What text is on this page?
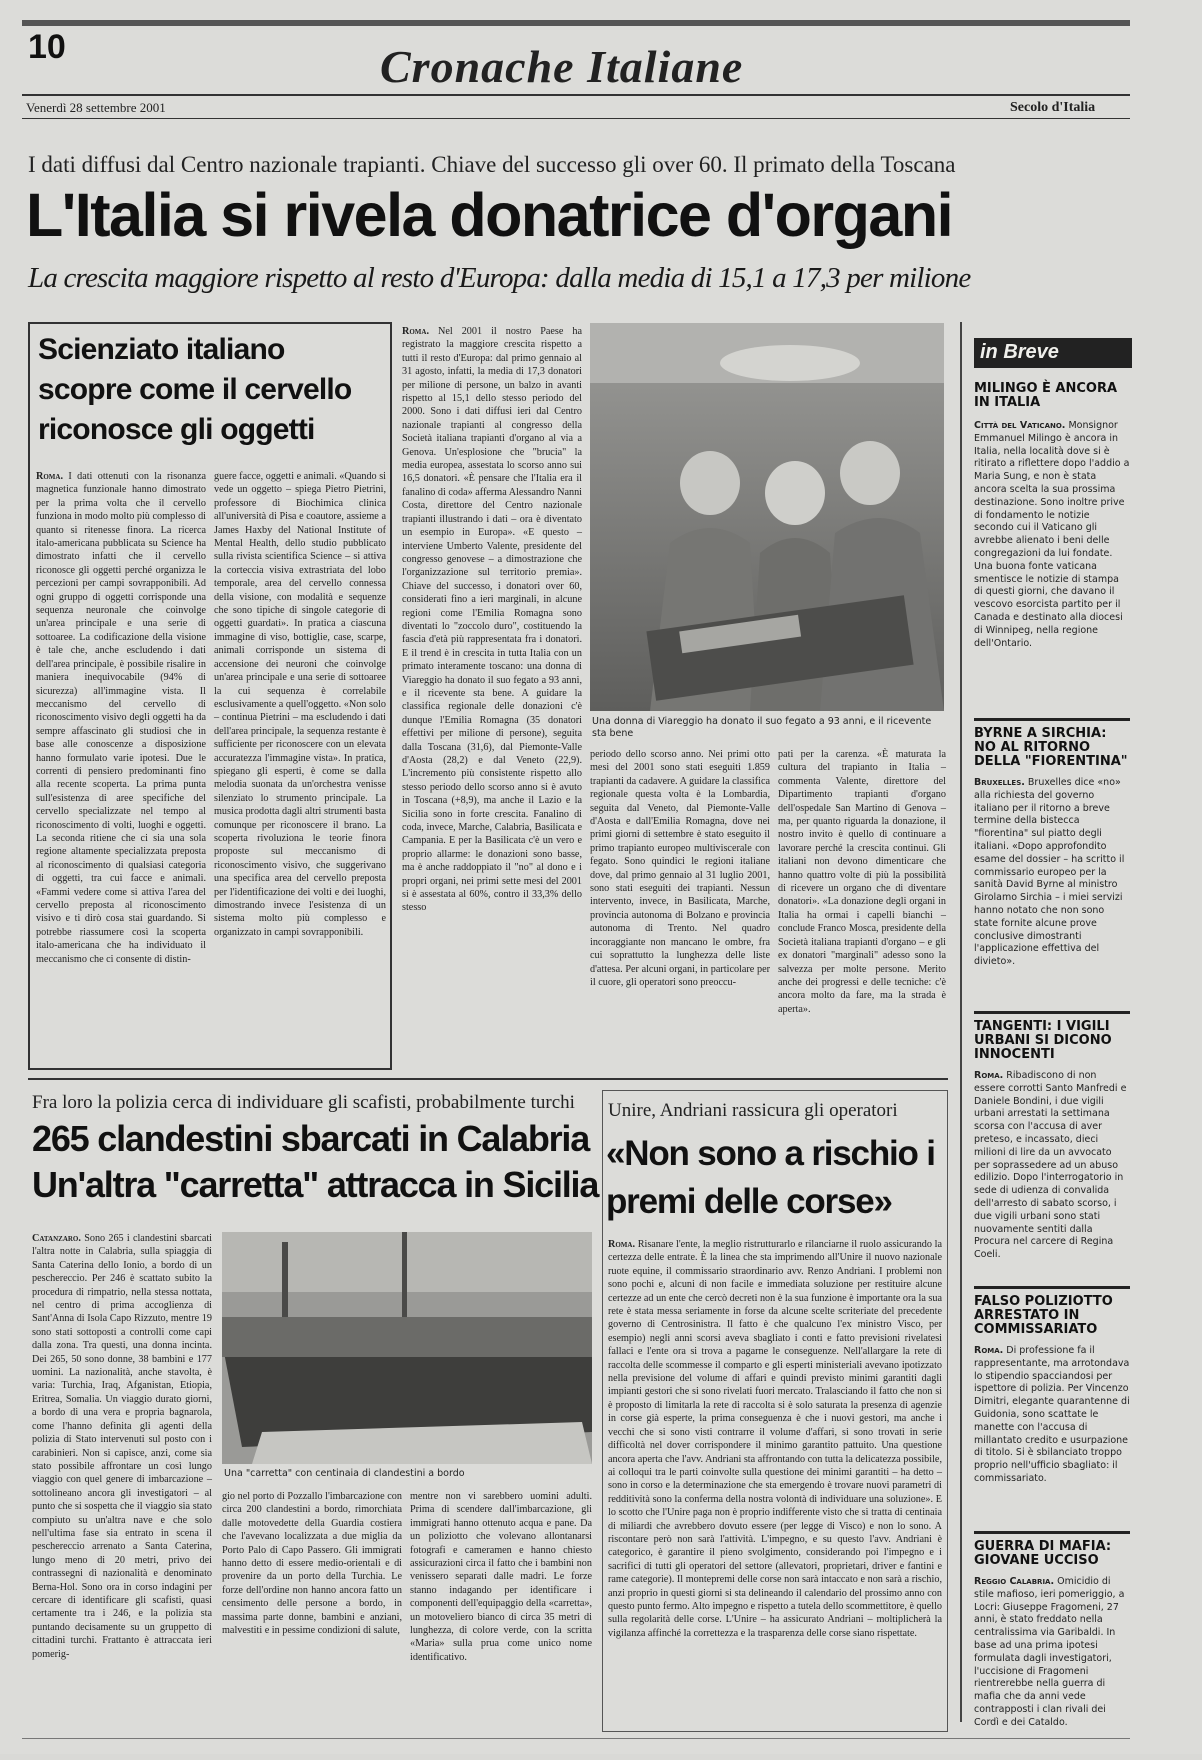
10	Cronache Italiane
Venerdì 28 settembre 2001	Secolo d'Italia
I dati diffusi dal Centro nazionale trapianti. Chiave del successo gli over 60. Il primato della Toscana
L'Italia si rivela donatrice d'organi
La crescita maggiore rispetto al resto d'Europa: dalla media di 15,1 a 17,3 per milione
Scienziato italiano scopre come il cervello riconosce gli oggetti
Roma. I dati ottenuti con la risonanza magnetica funzionale hanno dimostrato per la prima volta che il cervello funziona in modo molto più complesso di quanto si ritenesse finora. La ricerca italo-americana pubblicata su Science ha dimostrato infatti che il cervello riconosce gli oggetti perché organizza le percezioni per campi sovrapponibili. Ad ogni gruppo di oggetti corrisponde una sequenza neuronale che coinvolge un'area principale e una serie di sottoaree. La codificazione della visione è tale che, anche escludendo i dati dell'area principale, è possibile risalire in maniera inequivocabile (94% di sicurezza) all'immagine vista. Il meccanismo del cervello di riconoscimento visivo degli oggetti ha da sempre affascinato gli studiosi che in base alle conoscenze a disposizione hanno formulato varie ipotesi. Due le correnti di pensiero predominanti fino alla recente scoperta. La prima punta sull'esistenza di aree specifiche del cervello specializzate nel tempo al riconoscimento di volti, luoghi e oggetti. La seconda ritiene che ci sia una sola regione altamente specializzata preposta al riconoscimento di qualsiasi categoria di oggetti, tra cui facce e animali. «Fammi vedere come si attiva l'area del cervello preposta al riconoscimento visivo e ti dirò cosa stai guardando. Si potrebbe riassumere così la scoperta italo-americana che ha individuato il meccanismo che ci consente di distin-
guere facce, oggetti e animali. «Quando si vede un oggetto – spiega Pietro Pietrini, professore di Biochimica clinica all'università di Pisa e coautore, assieme a James Haxby del National Institute of Mental Health, dello studio pubblicato sulla rivista scientifica Science – si attiva la corteccia visiva extrastriata del lobo temporale, area del cervello connessa della visione, con modalità e sequenze che sono tipiche di singole categorie di oggetti guardati». In pratica a ciascuna immagine di viso, bottiglie, case, scarpe, animali corrisponde un sistema di accensione dei neuroni che coinvolge un'area principale e una serie di sottoaree la cui sequenza è correlabile esclusivamente a quell'oggetto. «Non solo – continua Pietrini – ma escludendo i dati dell'area principale, la sequenza restante è sufficiente per riconoscere con un elevata accuratezza l'immagine vista». In pratica, spiegano gli esperti, è come se dalla melodia suonata da un'orchestra venisse silenziato lo strumento principale. La musica prodotta dagli altri strumenti basta comunque per riconoscere il brano. La scoperta rivoluziona le teorie finora proposte sul meccanismo di riconoscimento visivo, che suggerivano una specifica area del cervello preposta per l'identificazione dei volti e dei luoghi, dimostrando invece l'esistenza di un sistema molto più complesso e organizzato in campi sovrapponibili.
Roma. Nel 2001 il nostro Paese ha registrato la maggiore crescita rispetto a tutti il resto d'Europa: dal primo gennaio al 31 agosto, infatti, la media di 17,3 donatori per milione di persone, un balzo in avanti rispetto al 15,1 dello stesso periodo del 2000. Sono i dati diffusi ieri dal Centro nazionale trapianti al congresso della Società italiana trapianti d'organo al via a Genova. Un'esplosione che "brucia" la media europea, assestata lo scorso anno sui 16,5 donatori. «È pensare che l'Italia era il fanalino di coda» afferma Alessandro Nanni Costa, direttore del Centro nazionale trapianti illustrando i dati – ora è diventato un esempio in Europa». «E questo – interviene Umberto Valente, presidente del congresso genovese – a dimostrazione che l'organizzazione sul territorio premia». Chiave del successo, i donatori over 60, considerati fino a ieri marginali, in alcune regioni come l'Emilia Romagna sono diventati lo "zoccolo duro", costituendo la fascia d'età più rappresentata fra i donatori. E il trend è in crescita in tutta Italia con un primato interamente toscano: una donna di Viareggio ha donato il suo fegato a 93 anni, e il ricevente sta bene. A guidare la classifica regionale delle donazioni c'è dunque l'Emilia Romagna (35 donatori effettivi per milione di persone), seguita dalla Toscana (31,6), dal Piemonte-Valle d'Aosta (28,2) e dal Veneto (22,9). L'incremento più consistente rispetto allo stesso periodo dello scorso anno si è avuto in Toscana (+8,9), ma anche il Lazio e la Sicilia sono in forte crescita. Fanalino di coda, invece, Marche, Calabria, Basilicata e Campania. E per la Basilicata c'è un vero e proprio allarme: le donazioni sono basse, ma è anche raddoppiato il "no" al dono e i propri organi, nei primi sette mesi del 2001 si è assestata al 60%, contro il 33,3% dello stesso
Una donna di Viareggio ha donato il suo fegato a 93 anni, e il ricevente sta bene
periodo dello scorso anno. Nei primi otto mesi del 2001 sono stati eseguiti 1.859 trapianti da cadavere. A guidare la classifica regionale questa volta è la Lombardia, seguita dal Veneto, dal Piemonte-Valle d'Aosta e dall'Emilia Romagna, dove nei primi giorni di settembre è stato eseguito il primo trapianto europeo multiviscerale con fegato. Sono quindici le regioni italiane dove, dal primo gennaio al 31 luglio 2001, sono stati eseguiti dei trapianti. Nessun intervento, invece, in Basilicata, Marche, provincia autonoma di Bolzano e provincia autonoma di Trento. Nel quadro incoraggiante non mancano le ombre, fra cui soprattutto la lunghezza delle liste d'attesa. Per alcuni organi, in particolare per il cuore, gli operatori sono preoccu-
pati per la carenza. «È maturata la cultura del trapianto in Italia – commenta Valente, direttore del Dipartimento trapianti d'organo dell'ospedale San Martino di Genova – ma, per quanto riguarda la donazione, il nostro invito è quello di continuare a lavorare perché la crescita continui. Gli italiani non devono dimenticare che hanno quattro volte di più la possibilità di ricevere un organo che di diventare donatori». «La donazione degli organi in Italia ha ormai i capelli bianchi – conclude Franco Mosca, presidente della Società italiana trapianti d'organo – e gli ex donatori "marginali" adesso sono la salvezza per molte persone. Merito anche dei progressi e delle tecniche: c'è ancora molto da fare, ma la strada è aperta».
in Breve
MILINGO È ANCORA IN ITALIA
Città del Vaticano. Monsignor Emmanuel Milingo è ancora in Italia, nella località dove si è ritirato a riflettere dopo l'addio a Maria Sung, e non è stata ancora scelta la sua prossima destinazione. Sono inoltre prive di fondamento le notizie secondo cui il Vaticano gli avrebbe alienato i beni delle congregazioni da lui fondate. Una buona fonte vaticana smentisce le notizie di stampa di questi giorni, che davano il vescovo esorcista partito per il Canada e destinato alla diocesi di Winnipeg, nella regione dell'Ontario.
BYRNE A SIRCHIA: NO AL RITORNO DELLA "FIORENTINA"
Bruxelles. Bruxelles dice «no» alla richiesta del governo italiano per il ritorno a breve termine della bistecca "fiorentina" sul piatto degli italiani. «Dopo approfondito esame del dossier – ha scritto il commissario europeo per la sanità David Byrne al ministro Girolamo Sirchia – i miei servizi hanno notato che non sono state fornite alcune prove conclusive dimostranti l'applicazione effettiva del divieto».
TANGENTI: I VIGILI URBANI SI DICONO INNOCENTI
Roma. Ribadiscono di non essere corrotti Santo Manfredi e Daniele Bondini, i due vigili urbani arrestati la settimana scorsa con l'accusa di aver preteso, e incassato, dieci milioni di lire da un avvocato per soprassedere ad un abuso edilizio. Dopo l'interrogatorio in sede di udienza di convalida dell'arresto di sabato scorso, i due vigili urbani sono stati nuovamente sentiti dalla Procura nel carcere di Regina Coeli.
FALSO POLIZIOTTO ARRESTATO IN COMMISSARIATO
Roma. Di professione fa il rappresentante, ma arrotondava lo stipendio spacciandosi per ispettore di polizia. Per Vincenzo Dimitri, elegante quarantenne di Guidonia, sono scattate le manette con l'accusa di millantato credito e usurpazione di titolo. Si è sbilanciato troppo proprio nell'ufficio sbagliato: il commissariato.
GUERRA DI MAFIA: GIOVANE UCCISO
Reggio Calabria. Omicidio di stile mafioso, ieri pomeriggio, a Locri: Giuseppe Fragomeni, 27 anni, è stato freddato nella centralissima via Garibaldi. In base ad una prima ipotesi formulata dagli investigatori, l'uccisione di Fragomeni rientrerebbe nella guerra di mafia che da anni vede contrapposti i clan rivali dei Cordì e dei Cataldo.
Fra loro la polizia cerca di individuare gli scafisti, probabilmente turchi
265 clandestini sbarcati in Calabria
Un'altra "carretta" attracca in Sicilia
Catanzaro. Sono 265 i clandestini sbarcati l'altra notte in Calabria, sulla spiaggia di Santa Caterina dello Ionio, a bordo di un peschereccio. Per 246 è scattato subito la procedura di rimpatrio, nella stessa nottata, nel centro di prima accoglienza di Sant'Anna di Isola Capo Rizzuto, mentre 19 sono stati sottoposti a controlli come capi dalla zona. Tra questi, una donna incinta. Dei 265, 50 sono donne, 38 bambini e 177 uomini. La nazionalità, anche stavolta, è varia: Turchia, Iraq, Afganistan, Etiopia, Eritrea, Somalia. Un viaggio durato giorni, a bordo di una vera e propria bagnarola, come l'hanno definita gli agenti della polizia di Stato intervenuti sul posto con i carabinieri. Non si capisce, anzi, come sia stato possibile affrontare un così lungo viaggio con quel genere di imbarcazione – sottolineano ancora gli investigatori – al punto che si sospetta che il viaggio sia stato compiuto su un'altra nave e che solo nell'ultima fase sia entrato in scena il peschereccio arrenato a Santa Caterina, lungo meno di 20 metri, privo dei contrassegni di nazionalità e denominato Berna-Hol. Sono ora in corso indagini per cercare di identificare gli scafisti, quasi certamente tra i 246, e la polizia sta puntando decisamente su un gruppetto di cittadini turchi. Frattanto è attraccata ieri pomerig-
Una "carretta" con centinaia di clandestini a bordo
gio nel porto di Pozzallo l'imbarcazione con circa 200 clandestini a bordo, rimorchiata dalle motovedette della Guardia costiera che l'avevano localizzata a due miglia da Porto Palo di Capo Passero. Gli immigrati hanno detto di essere medio-orientali e di provenire da un porto della Turchia. Le forze dell'ordine non hanno ancora fatto un censimento delle persone a bordo, in massima parte donne, bambini e anziani, malvestiti e in pessime condizioni di salute,
mentre non vi sarebbero uomini adulti. Prima di scendere dall'imbarcazione, gli immigrati hanno ottenuto acqua e pane. Da un poliziotto che volevano allontanarsi fotografi e cameramen e hanno chiesto assicurazioni circa il fatto che i bambini non venissero separati dalle madri. Le forze stanno indagando per identificare i componenti dell'equipaggio della «carretta», un motoveliero bianco di circa 35 metri di lunghezza, di colore verde, con la scritta «Maria» sulla prua come unico nome identificativo.
Unire, Andriani rassicura gli operatori
«Non sono a rischio i premi delle corse»
Roma. Risanare l'ente, la meglio ristrutturarlo e rilanciarne il ruolo assicurando la certezza delle entrate. È la linea che sta imprimendo all'Unire il nuovo nazionale ruote equine, il commissario straordinario avv. Renzo Andriani. I problemi non sono pochi e, alcuni di non facile e immediata soluzione per restituire alcune certezze ad un ente che cercò decreti non è la sua funzione è importante ora la sua rete è stata messa seriamente in forse da alcune scelte scriteriate del precedente governo di Centrosinistra. Il fatto è che qualcuno l'ex ministro Visco, per esempio) negli anni scorsi aveva sbagliato i conti e fatto previsioni rivelatesi fallaci e l'ente ora si trova a pagarne le conseguenze. Nell'allargare la rete di raccolta delle scommesse il comparto e gli esperti ministeriali avevano ipotizzato nella previsione del volume di affari e quindi previsto minimi garantiti dagli impianti gestori che si sono rivelati fuori mercato. Tralasciando il fatto che non si è proposto di limitarla la rete di raccolta si è solo saturata la presenza di agenzie in corse già esperte, la prima conseguenza è che i nuovi gestori, ma anche i vecchi che si sono visti contrarre il volume d'affari, si sono trovati in serie difficoltà nel dover corrispondere il minimo garantito pattuito. Una questione ancora aperta che l'avv. Andriani sta affrontando con tutta la delicatezza possibile, ai colloqui tra le parti coinvolte sulla questione dei minimi garantiti – ha detto – sono in corso e la determinazione che sta emergendo è trovare nuovi parametri di redditività sono la conferma della nostra volontà di individuare una soluzione». E lo scotto che l'Unire paga non è proprio indifferente visto che si tratta di centinaia di miliardi che avrebbero dovuto essere (per legge di Visco) e non lo sono. A riscontare però non sarà l'attività. L'impegno, e su questo l'avv. Andriani è categorico, è garantire il pieno svolgimento, considerando poi l'impegno e i sacrifici di tutti gli operatori del settore (allevatori, proprietari, driver e fantini e rame categorie). Il montepremi delle corse non sarà intaccato e non sarà a rischio, anzi proprio in questi giorni si sta delineando il calendario del prossimo anno con questo punto fermo. Alto impegno e rispetto a tutela dello scommettitore, è quello sulla regolarità delle corse. L'Unire – ha assicurato Andriani – moltiplicherà la vigilanza affinché la correttezza e la trasparenza delle corse siano rispettate.
